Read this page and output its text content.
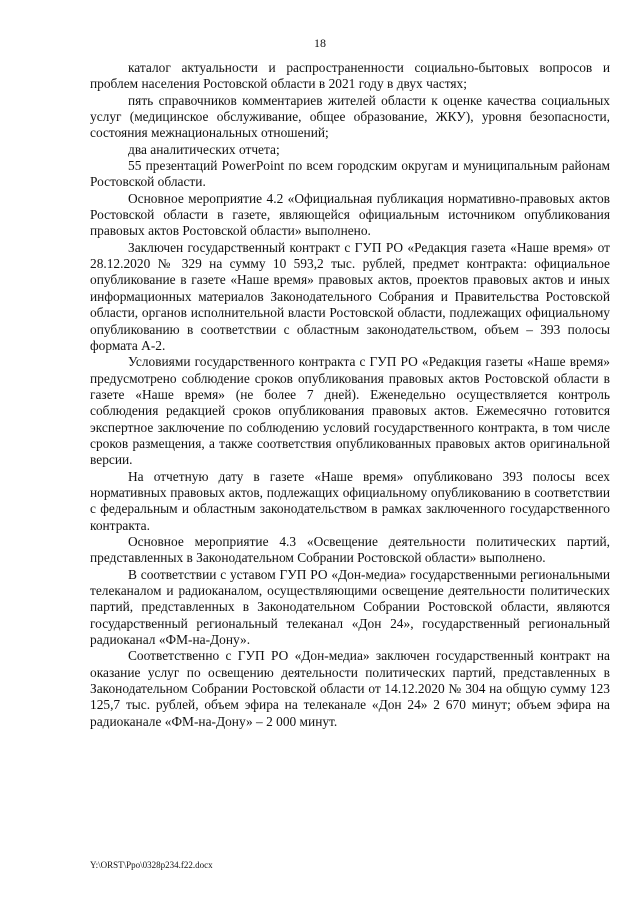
18

каталог актуальности и распространенности социально-бытовых вопросов и проблем населения Ростовской области в 2021 году в двух частях;

пять справочников комментариев жителей области к оценке качества социальных услуг (медицинское обслуживание, общее образование, ЖКУ), уровня безопасности, состояния межнациональных отношений;

два аналитических отчета;

55 презентаций PowerPoint по всем городским округам и муниципальным районам Ростовской области.

Основное мероприятие 4.2 «Официальная публикация нормативно-правовых актов Ростовской области в газете, являющейся официальным источником опубликования правовых актов Ростовской области» выполнено.

Заключен государственный контракт с ГУП РО «Редакция газета «Наше время» от 28.12.2020 № 329 на сумму 10 593,2 тыс. рублей, предмет контракта: официальное опубликование в газете «Наше время» правовых актов, проектов правовых актов и иных информационных материалов Законодательного Собрания и Правительства Ростовской области, органов исполнительной власти Ростовской области, подлежащих официальному опубликованию в соответствии с областным законодательством, объем – 393 полосы формата А-2.

Условиями государственного контракта с ГУП РО «Редакция газеты «Наше время» предусмотрено соблюдение сроков опубликования правовых актов Ростовской области в газете «Наше время» (не более 7 дней). Еженедельно осуществляется контроль соблюдения редакцией сроков опубликования правовых актов. Ежемесячно готовится экспертное заключение по соблюдению условий государственного контракта, в том числе сроков размещения, а также соответствия опубликованных правовых актов оригинальной версии.

На отчетную дату в газете «Наше время» опубликовано 393 полосы всех нормативных правовых актов, подлежащих официальному опубликованию в соответствии с федеральным и областным законодательством в рамках заключенного государственного контракта.

Основное мероприятие 4.3 «Освещение деятельности политических партий, представленных в Законодательном Собрании Ростовской области» выполнено.

В соответствии с уставом ГУП РО «Дон-медиа» государственными региональными телеканалом и радиоканалом, осуществляющими освещение деятельности политических партий, представленных в Законодательном Собрании Ростовской области, являются государственный региональный телеканал «Дон 24», государственный региональный радиоканал «ФМ-на-Дону».

Соответственно с ГУП РО «Дон-медиа» заключен государственный контракт на оказание услуг по освещению деятельности политических партий, представленных в Законодательном Собрании Ростовской области от 14.12.2020 № 304 на общую сумму 123 125,7 тыс. рублей, объем эфира на телеканале «Дон 24» 2 670 минут; объем эфира на радиоканале «ФМ-на-Дону» – 2 000 минут.

Y:\ORST\Ppo\0328p234.f22.docx
